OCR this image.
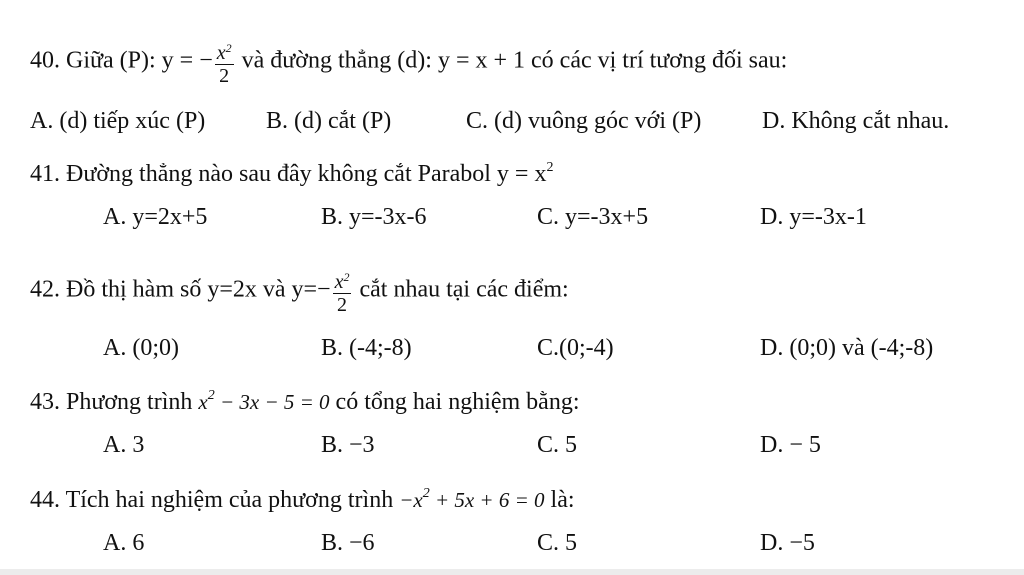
40. Giữa (P): y = − $\frac{x^2}{2}$ và đường thẳng (d): y = x + 1 có các vị trí tương đối sau:
A. (d) tiếp xúc (P)	B. (d) cắt (P)	C. (d) vuông góc với (P)	D. Không cắt nhau.
41. Đường thẳng nào sau đây không cắt Parabol $y = x^2$
A. y=2x+5	B. y=-3x-6	C. y=-3x+5	D. y=-3x-1
42. Đồ thị hàm số y=2x và $y=- \frac{x^2}{2}$ cắt nhau tại các điểm:
A. (0;0)	B. (-4;-8)	C.(0;-4)	D. (0;0) và (-4;-8)
43. Phương trình $x^2 - 3x - 5 = 0$ có tổng hai nghiệm bằng:
A. 3	B. −3	C. 5	D. − 5
44. Tích hai nghiệm của phương trình $-x^2 + 5x + 6 = 0$ là:
A. 6	B. −6	C. 5	D. −5
